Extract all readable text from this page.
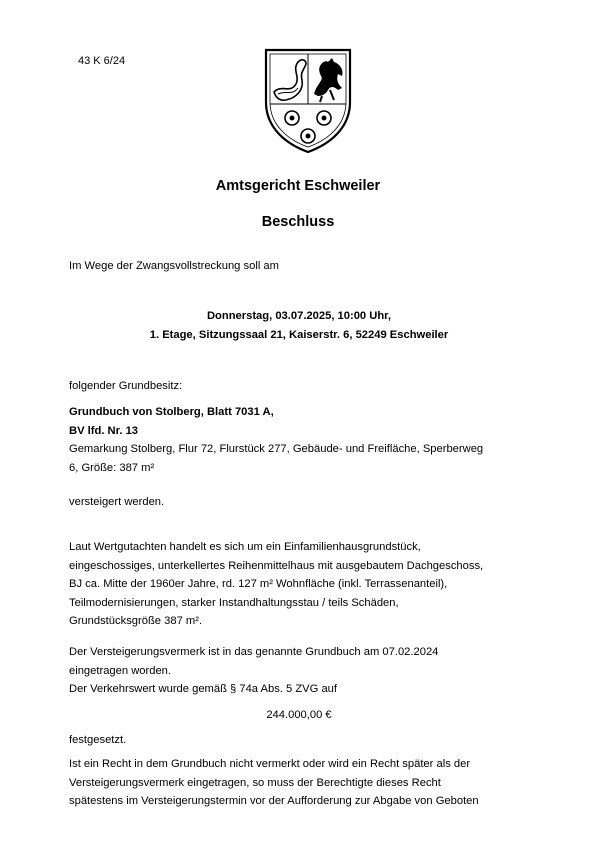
43 K 6/24
Amtsgericht Eschweiler
Beschluss
Im Wege der Zwangsvollstreckung soll am
Donnerstag, 03.07.2025, 10:00 Uhr,
1. Etage, Sitzungssaal 21, Kaiserstr. 6, 52249 Eschweiler
folgender Grundbesitz:
Grundbuch von Stolberg, Blatt 7031 A,
BV lfd. Nr. 13
Gemarkung Stolberg, Flur 72, Flurstück 277, Gebäude- und Freifläche, Sperberweg
6, Größe: 387 m²
versteigert werden.
Laut Wertgutachten handelt es sich um ein Einfamilienhausgrundstück,
eingeschossiges, unterkellertes Reihenmittelhaus mit ausgebautem Dachgeschoss,
BJ ca. Mitte der 1960er Jahre, rd. 127 m² Wohnfläche (inkl. Terrassenanteil),
Teilmodernisierungen, starker Instandhaltungsstau / teils Schäden,
Grundstücksgröße 387 m².
Der Versteigerungsvermerk ist in das genannte Grundbuch am 07.02.2024
eingetragen worden.
Der Verkehrswert wurde gemäß § 74a Abs. 5 ZVG auf
244.000,00 €
festgesetzt.
Ist ein Recht in dem Grundbuch nicht vermerkt oder wird ein Recht später als der
Versteigerungsvermerk eingetragen, so muss der Berechtigte dieses Recht
spätestens im Versteigerungstermin vor der Aufforderung zur Abgabe von Geboten
